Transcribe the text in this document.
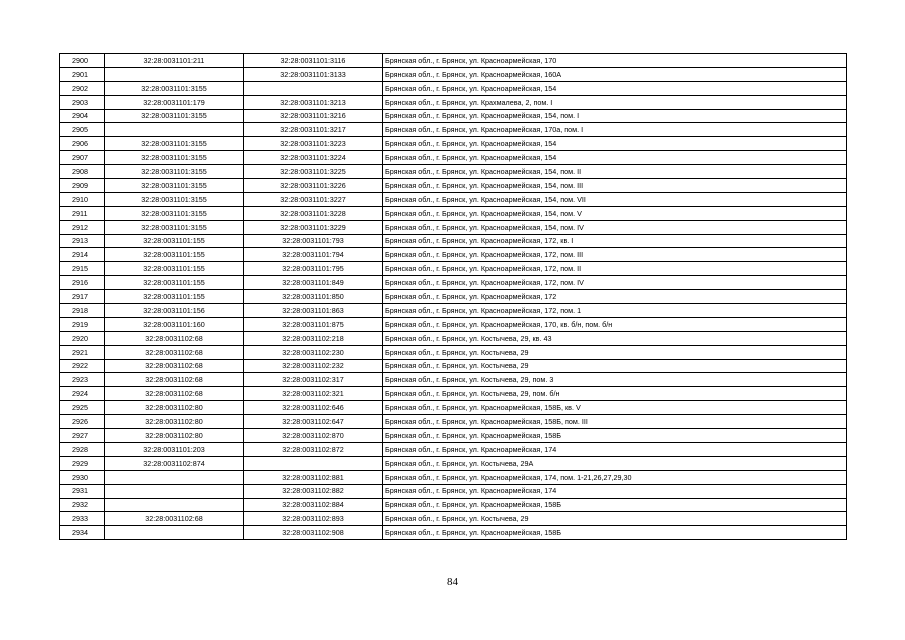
2900	32:28:0031101:211	32:28:0031101:3116	Брянская обл., г. Брянск, ул. Красноармейская, 170
2901		32:28:0031101:3133	Брянская обл., г. Брянск, ул. Красноармейская, 160А
2902	32:28:0031101:3155		Брянская обл., г. Брянск, ул. Красноармейская, 154
2903	32:28:0031101:179	32:28:0031101:3213	Брянская обл., г. Брянск, ул. Крахмалева, 2, пом. I
2904	32:28:0031101:3155	32:28:0031101:3216	Брянская обл., г. Брянск, ул. Красноармейская, 154, пом. I
2905		32:28:0031101:3217	Брянская обл., г. Брянск, ул. Красноармейская, 170а, пом. I
2906	32:28:0031101:3155	32:28:0031101:3223	Брянская обл., г. Брянск, ул. Красноармейская, 154
2907	32:28:0031101:3155	32:28:0031101:3224	Брянская обл., г. Брянск, ул. Красноармейская, 154
2908	32:28:0031101:3155	32:28:0031101:3225	Брянская обл., г. Брянск, ул. Красноармейская, 154, пом. II
2909	32:28:0031101:3155	32:28:0031101:3226	Брянская обл., г. Брянск, ул. Красноармейская, 154, пом. III
2910	32:28:0031101:3155	32:28:0031101:3227	Брянская обл., г. Брянск, ул. Красноармейская, 154, пом. VII
2911	32:28:0031101:3155	32:28:0031101:3228	Брянская обл., г. Брянск, ул. Красноармейская, 154, пом. V
2912	32:28:0031101:3155	32:28:0031101:3229	Брянская обл., г. Брянск, ул. Красноармейская, 154, пом. IV
2913	32:28:0031101:155	32:28:0031101:793	Брянская обл., г. Брянск, ул. Красноармейская, 172, кв. I
2914	32:28:0031101:155	32:28:0031101:794	Брянская обл., г. Брянск, ул. Красноармейская, 172, пом. III
2915	32:28:0031101:155	32:28:0031101:795	Брянская обл., г. Брянск, ул. Красноармейская, 172, пом. II
2916	32:28:0031101:155	32:28:0031101:849	Брянская обл., г. Брянск, ул. Красноармейская, 172, пом. IV
2917	32:28:0031101:155	32:28:0031101:850	Брянская обл., г. Брянск, ул. Красноармейская, 172
2918	32:28:0031101:156	32:28:0031101:863	Брянская обл., г. Брянск, ул. Красноармейская, 172, пом. 1
2919	32:28:0031101:160	32:28:0031101:875	Брянская обл., г. Брянск, ул. Красноармейская, 170, кв. б/н, пом. б/н
2920	32:28:0031102:68	32:28:0031102:218	Брянская обл., г. Брянск, ул. Костычева, 29, кв. 43
2921	32:28:0031102:68	32:28:0031102:230	Брянская обл., г. Брянск, ул. Костычева, 29
2922	32:28:0031102:68	32:28:0031102:232	Брянская обл., г. Брянск, ул. Костычева, 29
2923	32:28:0031102:68	32:28:0031102:317	Брянская обл., г. Брянск, ул. Костычева, 29, пом. 3
2924	32:28:0031102:68	32:28:0031102:321	Брянская обл., г. Брянск, ул. Костычева, 29, пом. б/н
2925	32:28:0031102:80	32:28:0031102:646	Брянская обл., г. Брянск, ул. Красноармейская, 158Б, кв. V
2926	32:28:0031102:80	32:28:0031102:647	Брянская обл., г. Брянск, ул. Красноармейская, 158Б, пом. III
2927	32:28:0031102:80	32:28:0031102:870	Брянская обл., г. Брянск, ул. Красноармейская, 158Б
2928	32:28:0031101:203	32:28:0031102:872	Брянская обл., г. Брянск, ул. Красноармейская, 174
2929	32:28:0031102:874		Брянская обл., г. Брянск, ул. Костычева, 29А
2930		32:28:0031102:881	Брянская обл., г. Брянск, ул. Красноармейская, 174, пом. 1-21,26,27,29,30
2931		32:28:0031102:882	Брянская обл., г. Брянск, ул. Красноармейская, 174
2932		32:28:0031102:884	Брянская обл., г. Брянск, ул. Красноармейская, 158Б
2933	32:28:0031102:68	32:28:0031102:893	Брянская обл., г. Брянск, ул. Костычева, 29
2934		32:28:0031102:908	Брянская обл., г. Брянск, ул. Красноармейская, 158Б
84
